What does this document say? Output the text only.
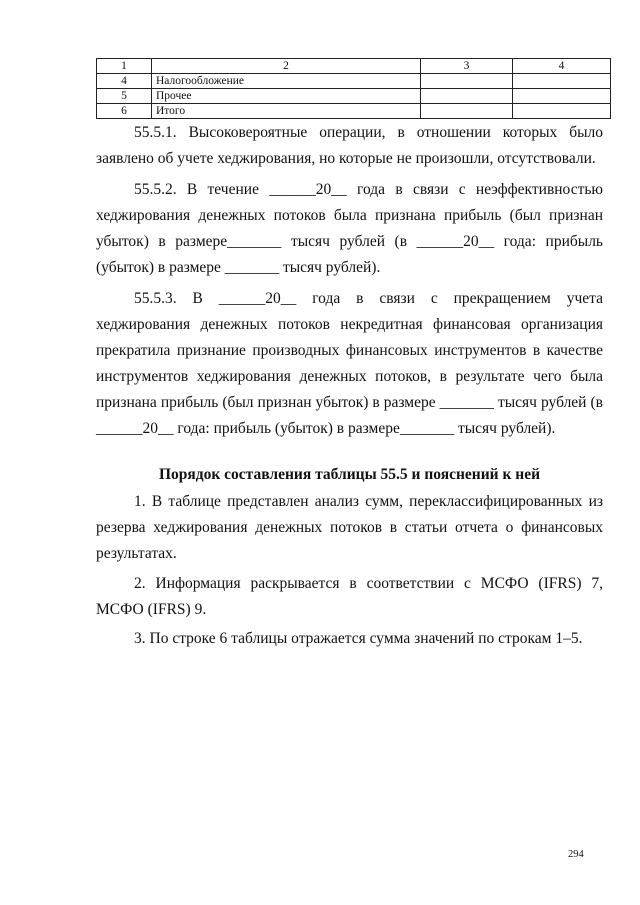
1	2	3	4
4	Налогообложение		
5	Прочее		
6	Итого		

55.5.1. Высоковероятные операции, в отношении которых было заявлено об учете хеджирования, но которые не произошли, отсутствовали.

55.5.2. В течение ______20__ года в связи с неэффективностью хеджирования денежных потоков была признана прибыль (был признан убыток) в размере_______ тысяч рублей (в ______20__ года: прибыль (убыток) в размере _______ тысяч рублей).

55.5.3. В ______20__ года в связи с прекращением учета хеджирования денежных потоков некредитная финансовая организация прекратила признание производных финансовых инструментов в качестве инструментов хеджирования денежных потоков, в результате чего была признана прибыль (был признан убыток) в размере _______ тысяч рублей (в ______20__ года: прибыль (убыток) в размере_______ тысяч рублей).

Порядок составления таблицы 55.5 и пояснений к ней

1. В таблице представлен анализ сумм, переклассифицированных из резерва хеджирования денежных потоков в статьи отчета о финансовых результатах.

2. Информация раскрывается в соответствии с МСФО (IFRS) 7, МСФО (IFRS) 9.

3. По строке 6 таблицы отражается сумма значений по строкам 1–5.

294
